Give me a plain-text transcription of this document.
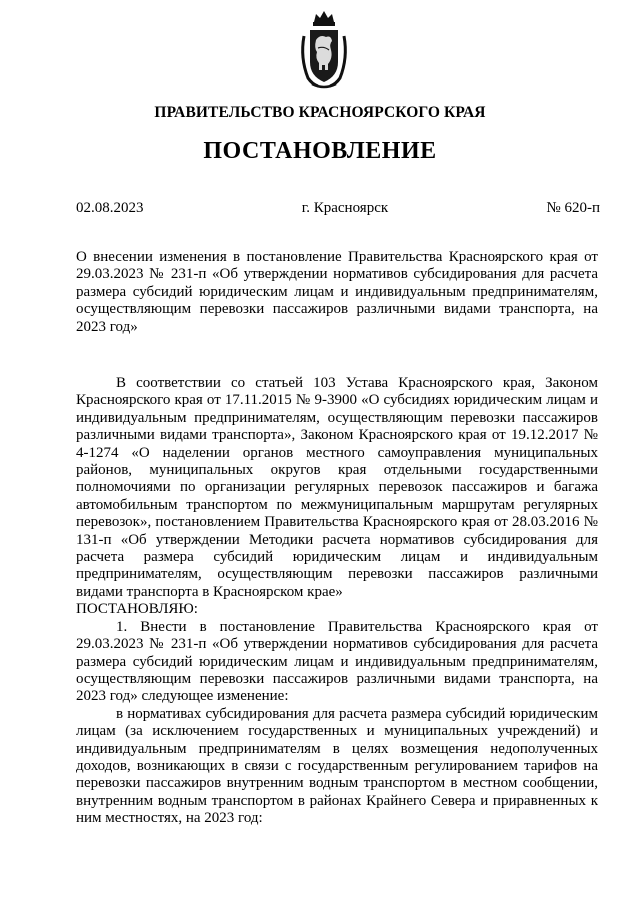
ПРАВИТЕЛЬСТВО КРАСНОЯРСКОГО КРАЯ
ПОСТАНОВЛЕНИЕ
02.08.2023	г. Красноярск	№ 620-п
О внесении изменения в постановление Правительства Красноярского края от 29.03.2023 № 231-п «Об утверждении нормативов субсидирования для расчета размера субсидий юридическим лицам и индивидуальным предпринимателям, осуществляющим перевозки пассажиров различными видами транспорта, на 2023 год»

В соответствии со статьей 103 Устава Красноярского края, Законом Красноярского края от 17.11.2015 № 9-3900 «О субсидиях юридическим лицам и индивидуальным предпринимателям, осуществляющим перевозки пассажиров различными видами транспорта», Законом Красноярского края от 19.12.2017 № 4-1274 «О наделении органов местного самоуправления муниципальных районов, муниципальных округов края отдельными государственными полномочиями по организации регулярных перевозок пассажиров и багажа автомобильным транспортом по межмуниципальным маршрутам регулярных перевозок», постановлением Правительства Красноярского края от 28.03.2016 № 131-п «Об утверждении Методики расчета нормативов субсидирования для расчета размера субсидий юридическим лицам и индивидуальным предпринимателям, осуществляющим перевозки пассажиров различными видами транспорта в Красноярском крае»

ПОСТАНОВЛЯЮ:

1. Внести в постановление Правительства Красноярского края от 29.03.2023 № 231-п «Об утверждении нормативов субсидирования для расчета размера субсидий юридическим лицам и индивидуальным предпринимателям, осуществляющим перевозки пассажиров различными видами транспорта, на 2023 год» следующее изменение:

в нормативах субсидирования для расчета размера субсидий юридическим лицам (за исключением государственных и муниципальных учреждений) и индивидуальным предпринимателям в целях возмещения недополученных доходов, возникающих в связи с государственным регулированием тарифов на перевозки пассажиров внутренним водным транспортом в местном сообщении, внутренним водным транспортом в районах Крайнего Севера и приравненных к ним местностях, на 2023 год:
